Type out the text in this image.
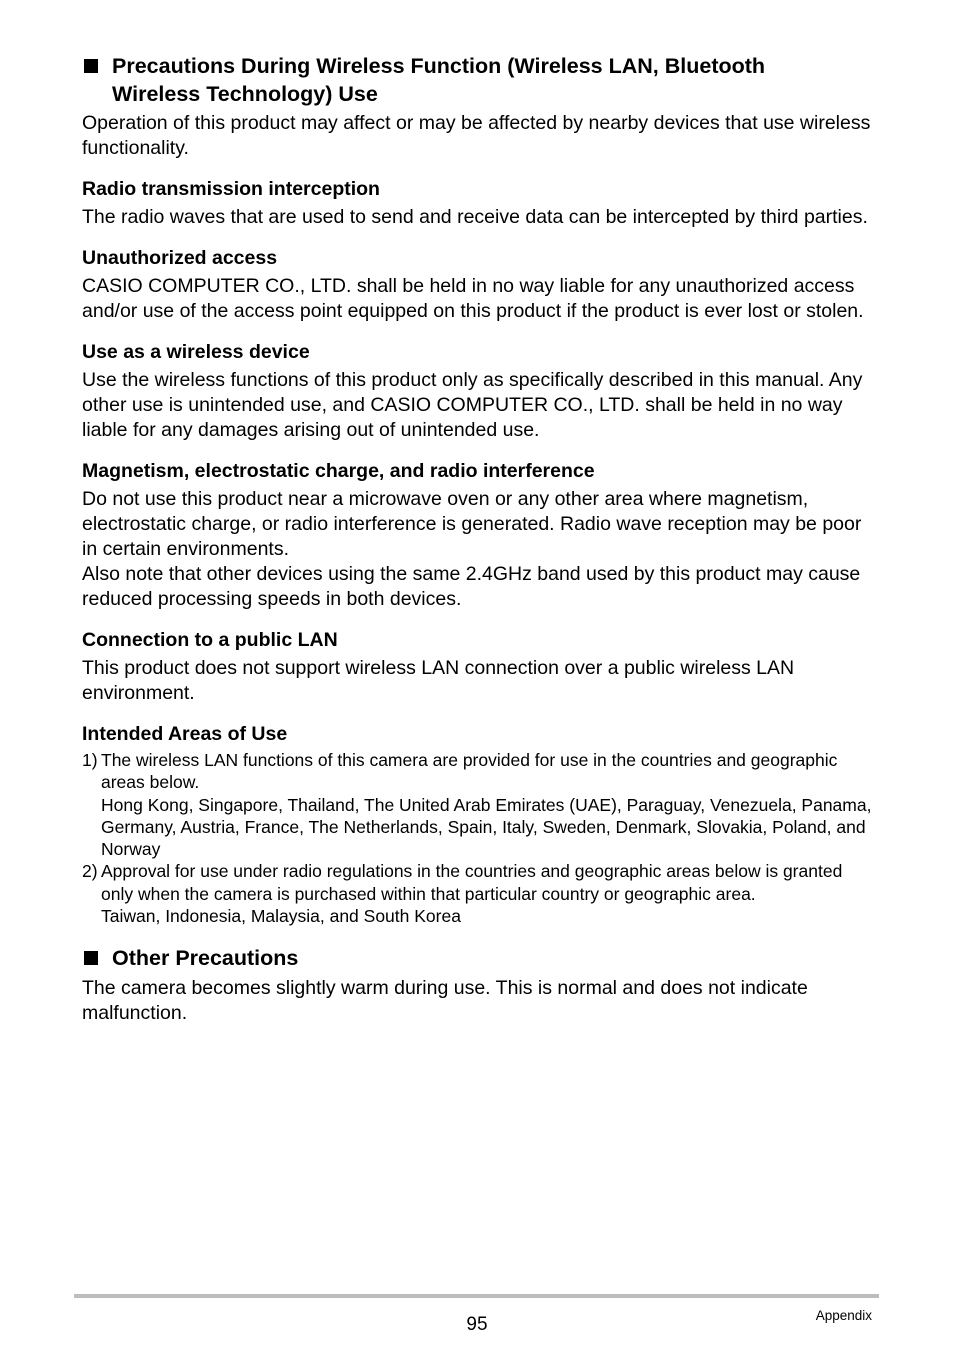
Precautions During Wireless Function (Wireless LAN, Bluetooth
Wireless Technology) Use

Operation of this product may affect or may be affected by nearby devices that use wireless functionality.

Radio transmission interception

The radio waves that are used to send and receive data can be intercepted by third parties.

Unauthorized access

CASIO COMPUTER CO., LTD. shall be held in no way liable for any unauthorized access and/or use of the access point equipped on this product if the product is ever lost or stolen.

Use as a wireless device

Use the wireless functions of this product only as specifically described in this manual. Any other use is unintended use, and CASIO COMPUTER CO., LTD. shall be held in no way liable for any damages arising out of unintended use.

Magnetism, electrostatic charge, and radio interference

Do not use this product near a microwave oven or any other area where magnetism, electrostatic charge, or radio interference is generated. Radio wave reception may be poor in certain environments.

Also note that other devices using the same 2.4GHz band used by this product may cause reduced processing speeds in both devices.

Connection to a public LAN

This product does not support wireless LAN connection over a public wireless LAN environment.

Intended Areas of Use
1) The wireless LAN functions of this camera are provided for use in the countries and geographic areas below.
Hong Kong, Singapore, Thailand, The United Arab Emirates (UAE), Paraguay, Venezuela, Panama, Germany, Austria, France, The Netherlands, Spain, Italy, Sweden, Denmark, Slovakia, Poland, and Norway
2) Approval for use under radio regulations in the countries and geographic areas below is granted only when the camera is purchased within that particular country or geographic area.
Taiwan, Indonesia, Malaysia, and South Korea
Other Precautions

The camera becomes slightly warm during use. This is normal and does not indicate malfunction.

95	Appendix
